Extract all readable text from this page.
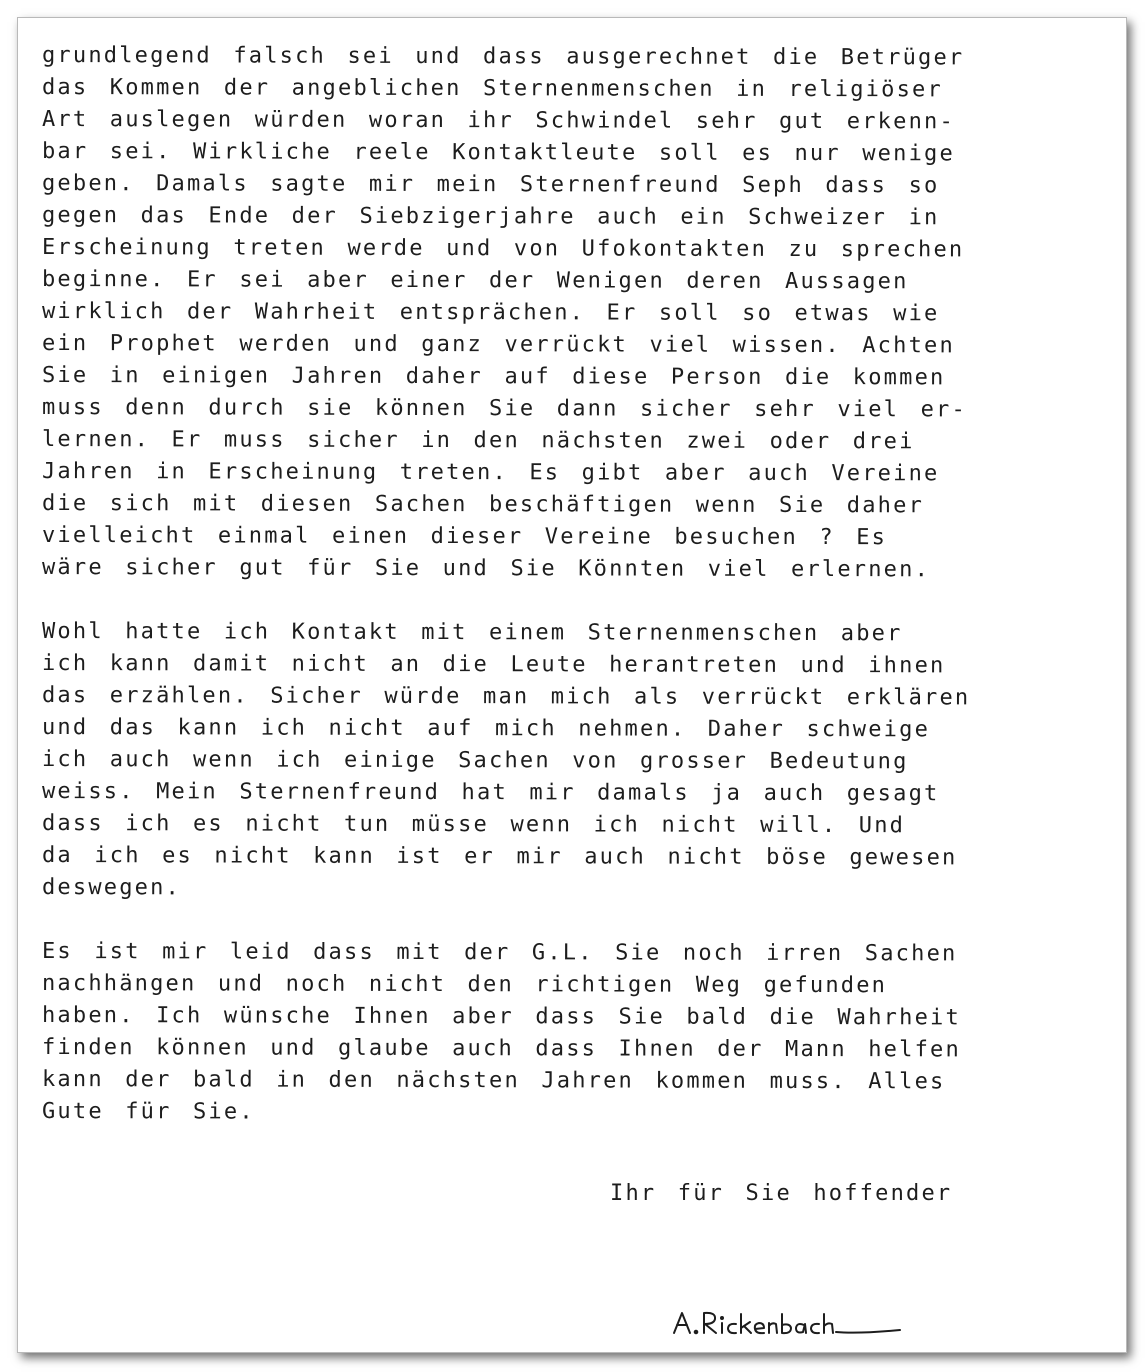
grundlegend falsch sei und dass ausgerechnet die Betrüger
das Kommen der angeblichen Sternenmenschen in religiöser
Art auslegen würden woran ihr Schwindel sehr gut erkenn-
bar sei. Wirkliche reele Kontaktleute soll es nur wenige
geben. Damals sagte mir mein Sternenfreund Seph dass so
gegen das Ende der Siebzigerjahre auch ein Schweizer in
Erscheinung treten werde und von Ufokontakten zu sprechen
beginne. Er sei aber einer der Wenigen deren Aussagen
wirklich der Wahrheit entsprächen. Er soll so etwas wie
ein Prophet werden und ganz verrückt viel wissen. Achten
Sie in einigen Jahren daher auf diese Person die kommen
muss denn durch sie können Sie dann sicher sehr viel er-
lernen. Er muss sicher in den nächsten zwei oder drei
Jahren in Erscheinung treten. Es gibt aber auch Vereine
die sich mit diesen Sachen beschäftigen wenn Sie daher
vielleicht einmal einen dieser Vereine besuchen ? Es
wäre sicher gut für Sie und Sie Könnten viel erlernen.
Wohl hatte ich Kontakt mit einem Sternenmenschen aber
ich kann damit nicht an die Leute herantreten und ihnen
das erzählen. Sicher würde man mich als verrückt erklären
und das kann ich nicht auf mich nehmen. Daher schweige
ich auch wenn ich einige Sachen von grosser Bedeutung
weiss. Mein Sternenfreund hat mir damals ja auch gesagt
dass ich es nicht tun müsse wenn ich nicht will. Und
da ich es nicht kann ist er mir auch nicht böse gewesen
deswegen.
Es ist mir leid dass mit der G.L. Sie noch irren Sachen
nachhängen und noch nicht den richtigen Weg gefunden
haben. Ich wünsche Ihnen aber dass Sie bald die Wahrheit
finden können und glaube auch dass Ihnen der Mann helfen
kann der bald in den nächsten Jahren kommen muss. Alles
Gute für Sie.
Ihr für Sie hoffender
